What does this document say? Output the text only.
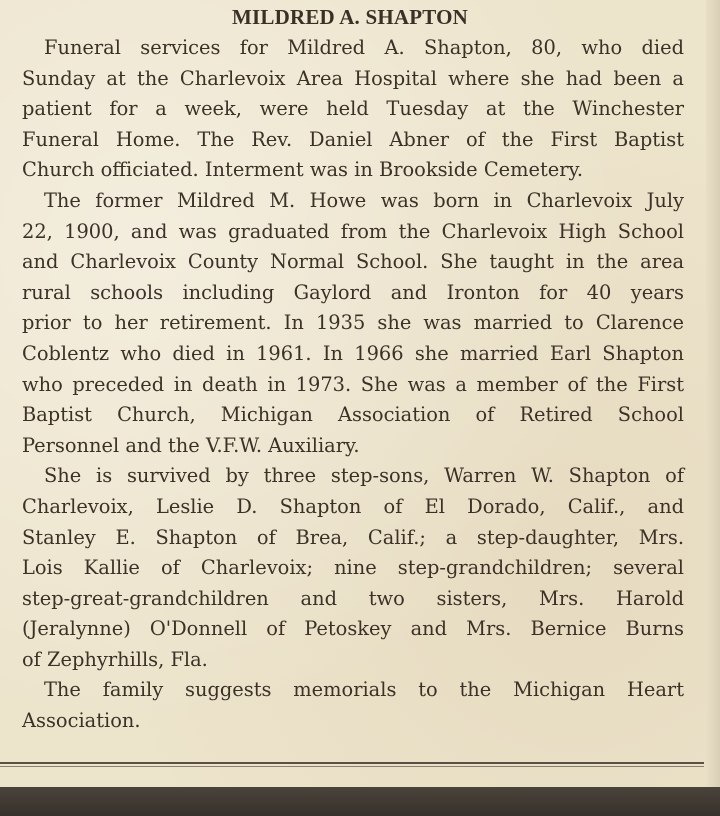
MILDRED A. SHAPTON
Funeral services for Mildred A. Shapton, 80, who died
Sunday at the Charlevoix Area Hospital where she had been a
patient for a week, were held Tuesday at the Winchester
Funeral Home. The Rev. Daniel Abner of the First Baptist
Church officiated. Interment was in Brookside Cemetery.
The former Mildred M. Howe was born in Charlevoix July
22, 1900, and was graduated from the Charlevoix High School
and Charlevoix County Normal School. She taught in the area
rural schools including Gaylord and Ironton for 40 years
prior to her retirement. In 1935 she was married to Clarence
Coblentz who died in 1961. In 1966 she married Earl Shapton
who preceded in death in 1973. She was a member of the First
Baptist Church, Michigan Association of Retired School
Personnel and the V.F.W. Auxiliary.
She is survived by three step-sons, Warren W. Shapton of
Charlevoix, Leslie D. Shapton of El Dorado, Calif., and
Stanley E. Shapton of Brea, Calif.; a step-daughter, Mrs.
Lois Kallie of Charlevoix; nine step-grandchildren; several
step-great-grandchildren and two sisters, Mrs. Harold
(Jeralynne) O'Donnell of Petoskey and Mrs. Bernice Burns
of Zephyrhills, Fla.
The family suggests memorials to the Michigan Heart
Association.
